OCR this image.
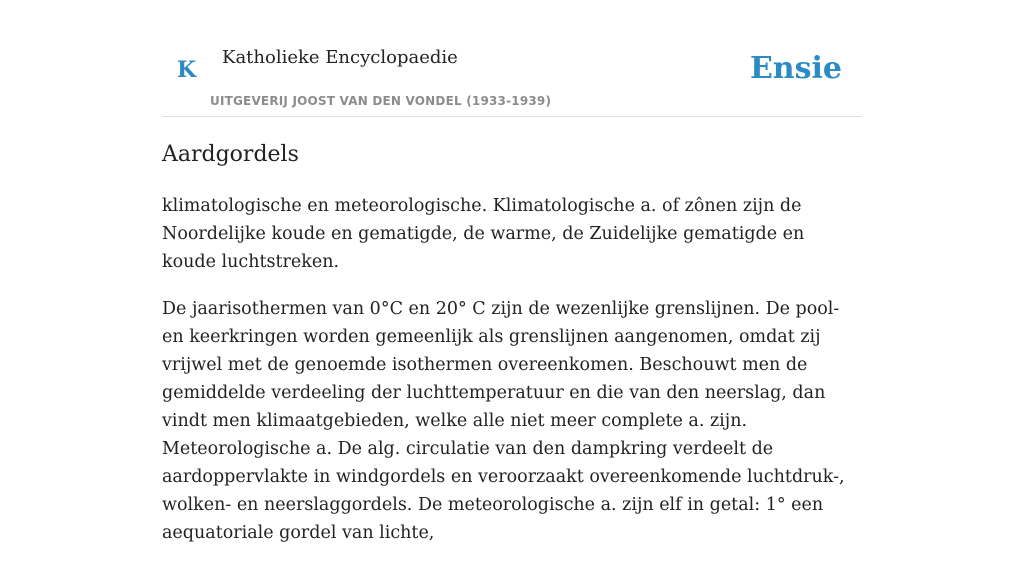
K Katholieke Encyclopaedie
UITGEVERIJ JOOST VAN DEN VONDEL (1933-1939)
Ensie
Aardgordels

klimatologische en meteorologische. Klimatologische a. of zônen zijn de Noordelijke koude en gematigde, de warme, de Zuidelijke gematigde en koude luchtstreken.

De jaarisothermen van 0°C en 20° C zijn de wezenlijke grenslijnen. De pool- en keerkringen worden gemeenlijk als grenslijnen aangenomen, omdat zij vrijwel met de genoemde isothermen overeenkomen. Beschouwt men de gemiddelde verdeeling der luchttemperatuur en die van den neerslag, dan vindt men klimaatgebieden, welke alle niet meer complete a. zijn. Meteorologische a. De alg. circulatie van den dampkring verdeelt de aardoppervlakte in windgordels en veroorzaakt overeenkomende luchtdruk-, wolken- en neerslaggordels. De meteorologische a. zijn elf in getal: 1° een aequatoriale gordel van lichte,
